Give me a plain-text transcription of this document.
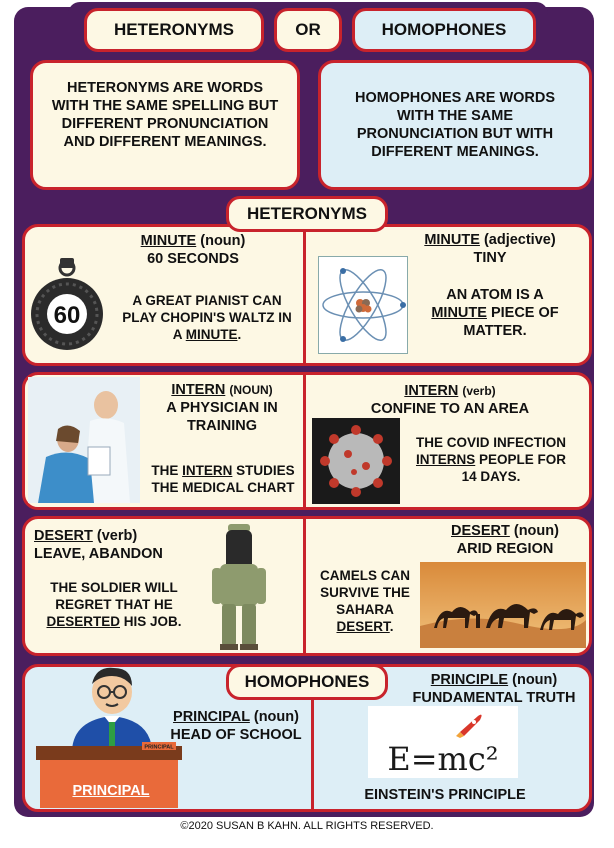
HETERONYMS	OR	HOMOPHONES
HETERONYMS ARE WORDS WITH THE SAME SPELLING BUT DIFFERENT PRONUNCIATION AND DIFFERENT MEANINGS.
HOMOPHONES ARE WORDS WITH THE SAME PRONUNCIATION BUT WITH DIFFERENT MEANINGS.
HETERONYMS
HOMOPHONES
MINUTE (noun)
60 SECONDS
60
A GREAT PIANIST CAN PLAY CHOPIN'S WALTZ IN A MINUTE.
MINUTE (adjective)
TINY
AN ATOM IS A
MINUTE PIECE OF MATTER.
INTERN (NOUN)
A PHYSICIAN IN TRAINING
THE INTERN STUDIES THE MEDICAL CHART
INTERN (verb)
CONFINE TO AN AREA
THE COVID INFECTION INTERNS PEOPLE FOR 14 DAYS.
DESERT (verb)
LEAVE, ABANDON
THE SOLDIER WILL REGRET THAT HE DESERTED HIS JOB.
DESERT (noun)
ARID REGION
CAMELS CAN SURVIVE THE SAHARA DESERT.
PRINCIPAL
PRINCIPAL
PRINCIPAL (noun)
HEAD OF SCHOOL
PRINCIPLE (noun)
FUNDAMENTAL TRUTH
E=mc²
EINSTEIN'S PRINCIPLE
©2020 SUSAN B KAHN. ALL RIGHTS RESERVED.
